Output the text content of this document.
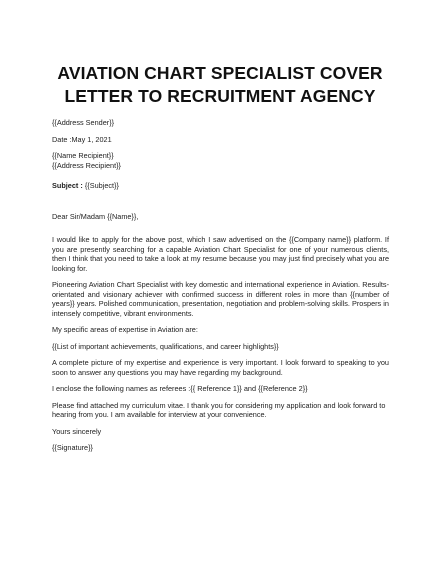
AVIATION CHART SPECIALIST COVER
LETTER TO RECRUITMENT AGENCY

{{Address Sender}}

Date :May 1, 2021

{{Name Recipient}}

{{Address Recipient}}

Subject : {{Subject}}

Dear Sir/Madam {{Name}},

I would like to apply for the above post, which I saw advertised on the {{Company name}} platform. If you are presently searching for a capable Aviation Chart Specialist for one of your numerous clients, then I think that you need to take a look at my resume because you may just find precisely what you are looking for.

Pioneering Aviation Chart Specialist with key domestic and international experience in Aviation. Results-orientated and visionary achiever with confirmed success in different roles in more than {{number of years}} years. Polished communication, presentation, negotiation and problem-solving skills. Prospers in intensely competitive, vibrant environments.

My specific areas of expertise in Aviation are:

{{List of important achievements, qualifications, and career highlights}}

A complete picture of my expertise and experience is very important. I look forward to speaking to you soon to answer any questions you may have regarding my background.

I enclose the following names as referees :{{ Reference 1}} and {{Reference 2}}

Please find attached my curriculum vitae. I thank you for considering my application and look forward to hearing from you. I am available for interview at your convenience.

Yours sincerely

{{Signature}}
